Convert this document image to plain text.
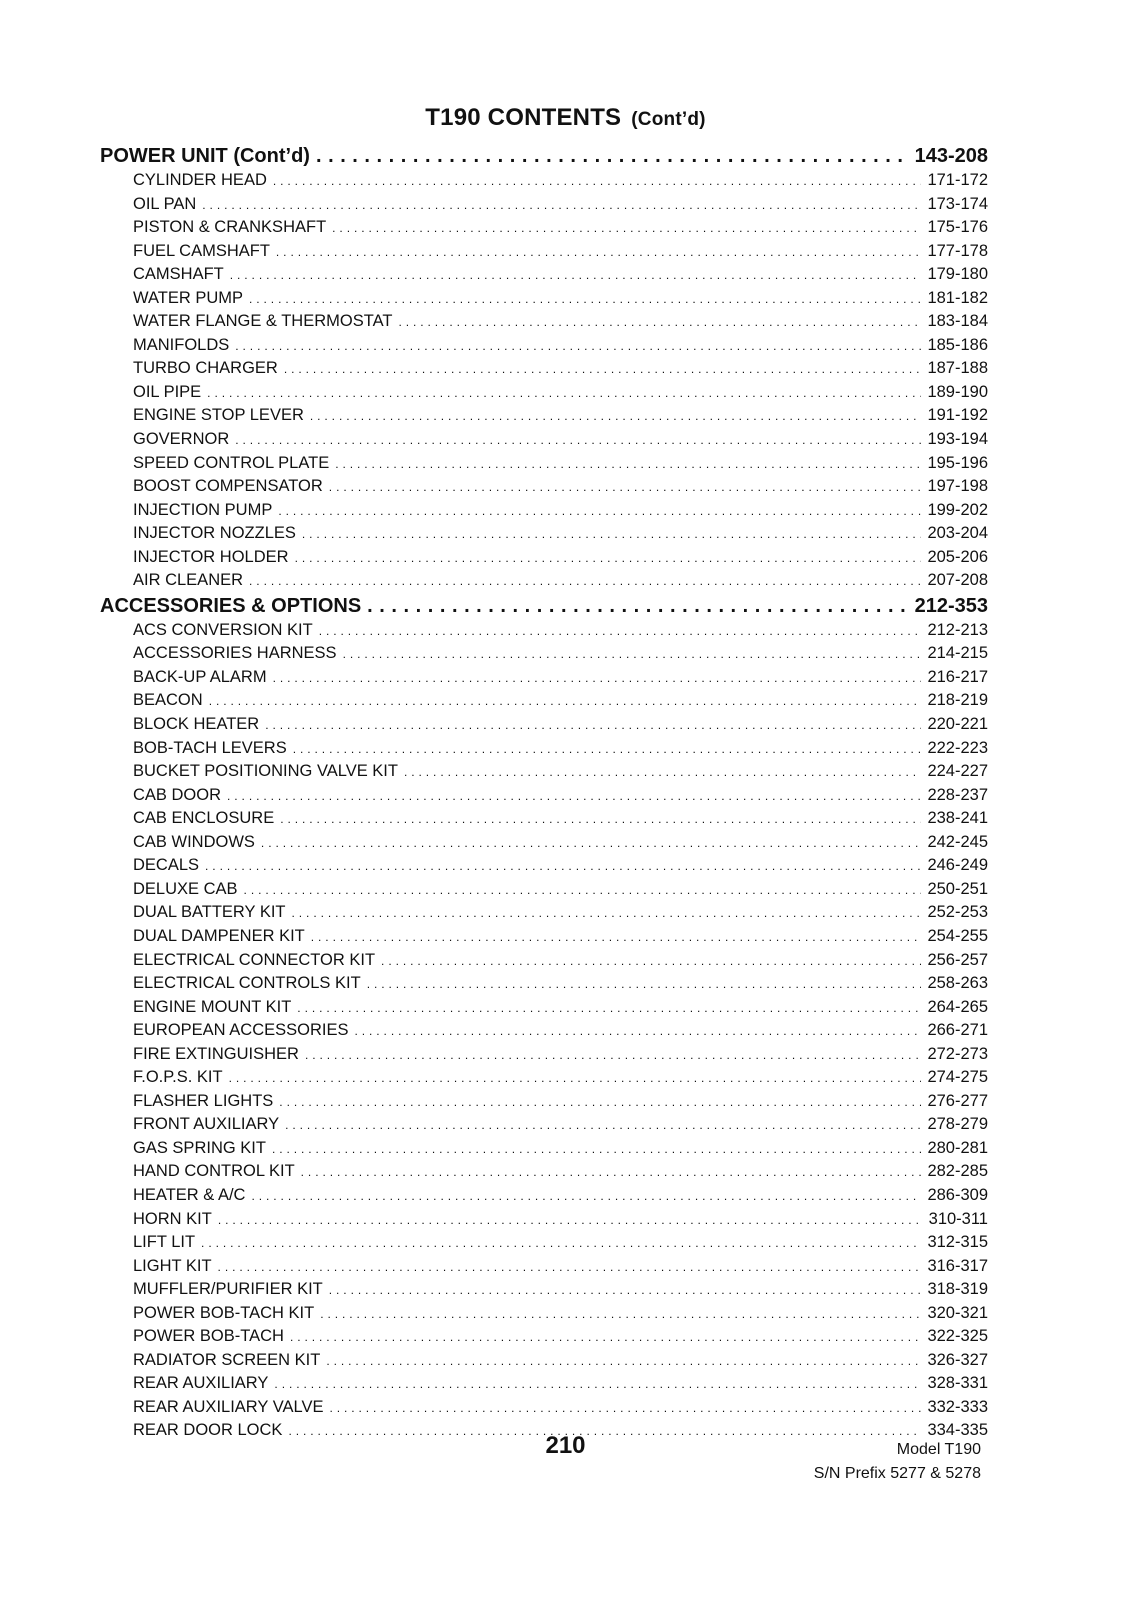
T190 CONTENTS (Cont’d)
POWER UNIT (Cont’d) . . .	143-208
CYLINDER HEAD . . .	171-172
OIL PAN . . .	173-174
PISTON & CRANKSHAFT . . .	175-176
FUEL CAMSHAFT . . .	177-178
CAMSHAFT . . .	179-180
WATER PUMP . . .	181-182
WATER FLANGE & THERMOSTAT . . .	183-184
MANIFOLDS . . .	185-186
TURBO CHARGER . . .	187-188
OIL PIPE . . .	189-190
ENGINE STOP LEVER . . .	191-192
GOVERNOR . . .	193-194
SPEED CONTROL PLATE . . .	195-196
BOOST COMPENSATOR . . .	197-198
INJECTION PUMP . . .	199-202
INJECTOR NOZZLES . . .	203-204
INJECTOR HOLDER . . .	205-206
AIR CLEANER . . .	207-208
ACCESSORIES & OPTIONS . . .	212-353
ACS CONVERSION KIT . . .	212-213
ACCESSORIES HARNESS . . .	214-215
BACK-UP ALARM . . .	216-217
BEACON . . .	218-219
BLOCK HEATER . . .	220-221
BOB-TACH LEVERS . . .	222-223
BUCKET POSITIONING VALVE KIT . . .	224-227
CAB DOOR . . .	228-237
CAB ENCLOSURE . . .	238-241
CAB WINDOWS . . .	242-245
DECALS . . .	246-249
DELUXE CAB . . .	250-251
DUAL BATTERY KIT . . .	252-253
DUAL DAMPENER KIT . . .	254-255
ELECTRICAL CONNECTOR KIT . . .	256-257
ELECTRICAL CONTROLS KIT . . .	258-263
ENGINE MOUNT KIT . . .	264-265
EUROPEAN ACCESSORIES . . .	266-271
FIRE EXTINGUISHER . . .	272-273
F.O.P.S. KIT . . .	274-275
FLASHER LIGHTS . . .	276-277
FRONT AUXILIARY . . .	278-279
GAS SPRING KIT . . .	280-281
HAND CONTROL KIT . . .	282-285
HEATER & A/C . . .	286-309
HORN KIT . . .	310-311
LIFT LIT . . .	312-315
LIGHT KIT . . .	316-317
MUFFLER/PURIFIER KIT . . .	318-319
POWER BOB-TACH KIT . . .	320-321
POWER BOB-TACH . . .	322-325
RADIATOR SCREEN KIT . . .	326-327
REAR AUXILIARY . . .	328-331
REAR AUXILIARY VALVE . . .	332-333
REAR DOOR LOCK . . .	334-335
210	Model T190
S/N Prefix 5277 & 5278
